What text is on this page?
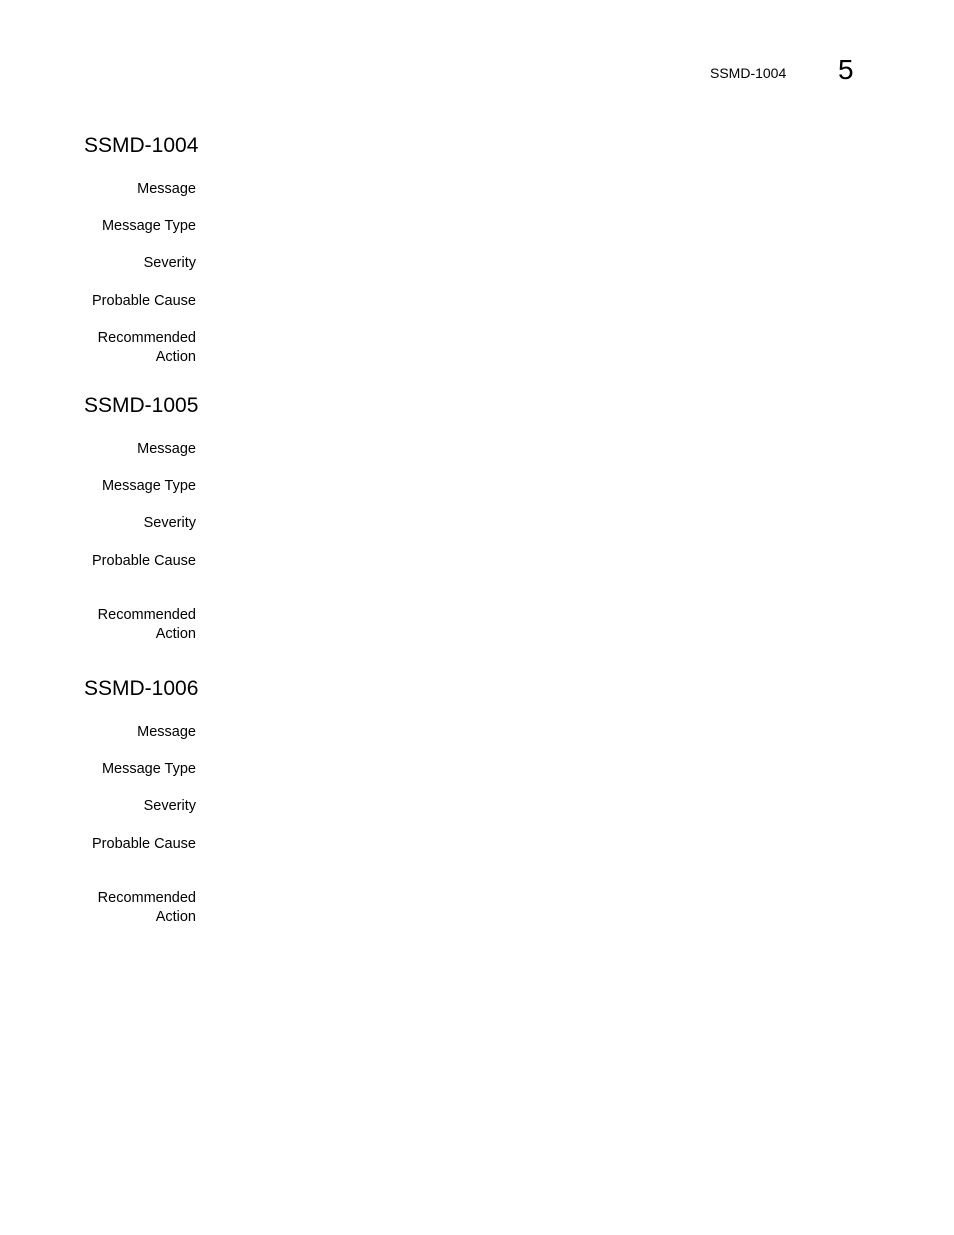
SSMD-1004 5
SSMD-1004

Message

Message Type

Severity

Probable Cause

Recommended

Action

SSMD-1005

Message

Message Type

Severity

Probable Cause

Recommended

Action

SSMD-1006

Message

Message Type

Severity

Probable Cause

Recommended

Action
